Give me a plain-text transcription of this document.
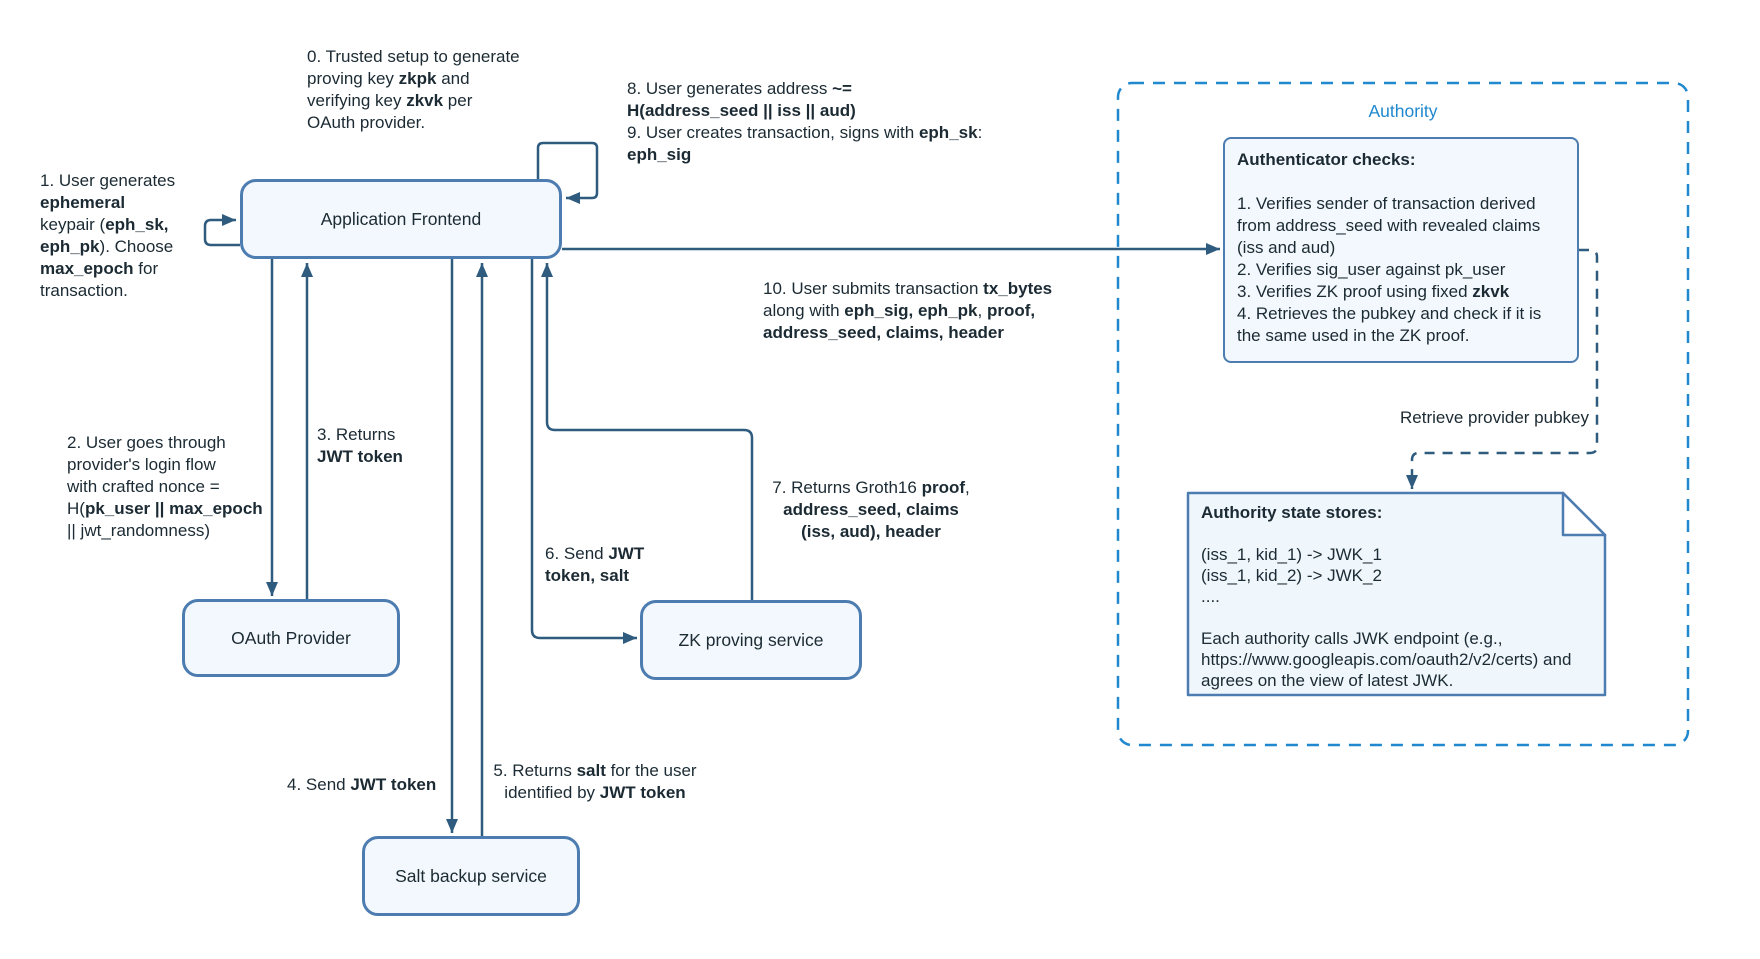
Application Frontend
OAuth Provider	ZK proving service
Salt backup service
0. Trusted setup to generate
proving key zkpk and
verifying key zkvk per
OAuth provider.
1. User generates
ephemeral
keypair (eph_sk,
eph_pk). Choose
max_epoch for
transaction.
8. User generates address ~=
H(address_seed || iss || aud)
9. User creates transaction, signs with eph_sk:
eph_sig
10. User submits transaction tx_bytes
along with eph_sig, eph_pk, proof,
address_seed, claims, header
2. User goes through
provider's login flow
with crafted nonce =
H(pk_user || max_epoch
|| jwt_randomness)
3. Returns
JWT token
6. Send JWT
token, salt
7. Returns Groth16 proof,
address_seed, claims
(iss, aud), header
4. Send JWT token
5. Returns salt for the user
identified by JWT token
Authority
Authenticator checks:

1. Verifies sender of transaction derived
from address_seed with revealed claims
(iss and aud)
2. Verifies sig_user against pk_user
3. Verifies ZK proof using fixed zkvk
4. Retrieves the pubkey and check if it is
the same used in the ZK proof.
Retrieve provider pubkey
Authority state stores:

(iss_1, kid_1) -> JWK_1
(iss_1, kid_2) -> JWK_2
....

Each authority calls JWK endpoint (e.g.,
https://www.googleapis.com/oauth2/v2/certs) and
agrees on the view of latest JWK.
